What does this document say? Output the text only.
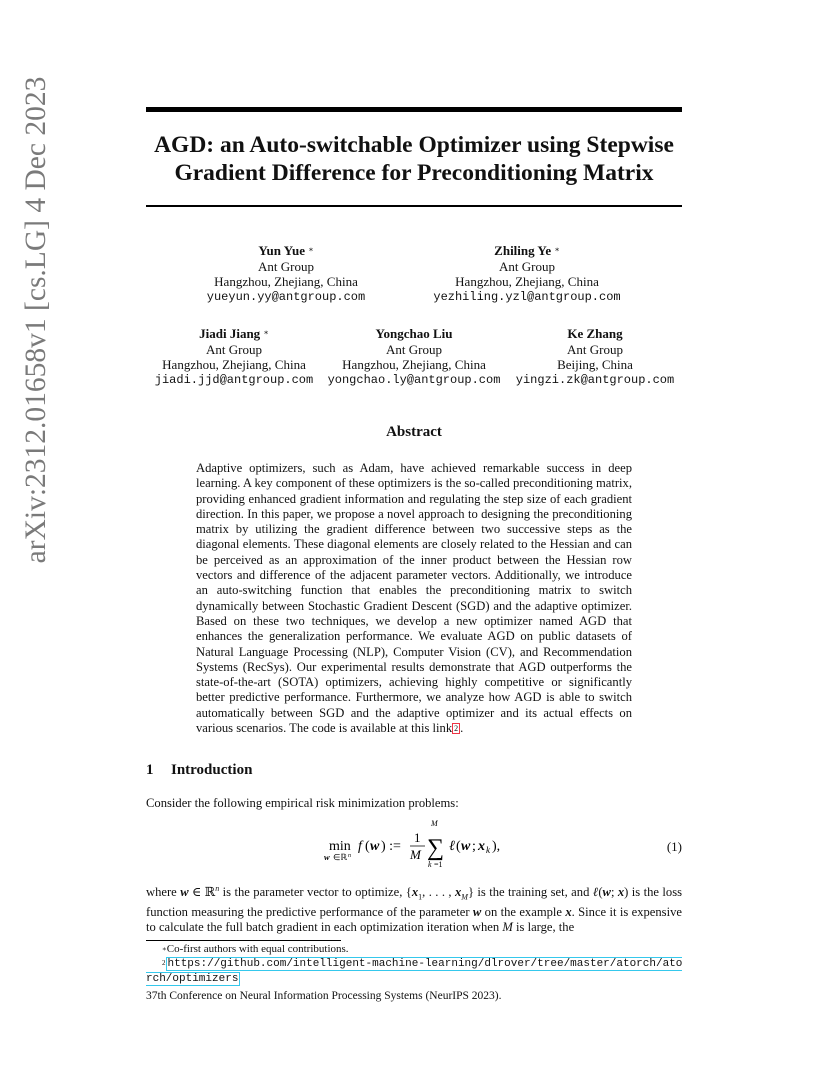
arXiv:2312.01658v1 [cs.LG] 4 Dec 2023	AGD: an Auto-switchable Optimizer using Stepwise Gradient Difference for Preconditioning Matrix
Yun Yue ∗
Ant Group
Hangzhou, Zhejiang, China
yueyun.yy@antgroup.com
Zhiling Ye ∗
Ant Group
Hangzhou, Zhejiang, China
yezhiling.yzl@antgroup.com
Jiadi Jiang ∗
Ant Group
Hangzhou, Zhejiang, China
jiadi.jjd@antgroup.com
Yongchao Liu
Ant Group
Hangzhou, Zhejiang, China
yongchao.ly@antgroup.com
Ke Zhang
Ant Group
Beijing, China
yingzi.zk@antgroup.com
Abstract
Adaptive optimizers, such as Adam, have achieved remarkable success in deep learning. A key component of these optimizers is the so-called preconditioning matrix, providing enhanced gradient information and regulating the step size of each gradient direction. In this paper, we propose a novel approach to designing the preconditioning matrix by utilizing the gradient difference between two successive steps as the diagonal elements. These diagonal elements are closely related to the Hessian and can be perceived as an approximation of the inner product between the Hessian row vectors and difference of the adjacent parameter vectors. Additionally, we introduce an auto-switching function that enables the preconditioning matrix to switch dynamically between Stochastic Gradient Descent (SGD) and the adaptive optimizer. Based on these two techniques, we develop a new optimizer named AGD that enhances the generalization performance. We evaluate AGD on public datasets of Natural Language Processing (NLP), Computer Vision (CV), and Recommendation Systems (RecSys). Our experimental results demonstrate that AGD outperforms the state-of-the-art (SOTA) optimizers, achieving highly competitive or significantly better predictive performance. Furthermore, we analyze how AGD is able to switch automatically between SGD and the adaptive optimizer and its actual effects on various scenarios. The code is available at this link $^2$ .
1 Introduction
Consider the following empirical risk minimization problems:
min
w ∈ℝ n
f ( w ) :=
1
M
M
∑
k =1
ℓ ( w ; x k ),	(1)
where w ∈ ℝ$^n$ is the parameter vector to optimize, {$x_1$, . . . , $x_M$} is the training set, and ℓ(w; x) is the loss function measuring the predictive performance of the parameter w on the example x. Since it is expensive to calculate the full batch gradient in each optimization iteration when M is large, the
∗Co-first authors with equal contributions.
$^2$ https://github.com/intelligent-machine-learning/dlrover/tree/master/atorch/atorch/optimizers
37th Conference on Neural Information Processing Systems (NeurIPS 2023).
